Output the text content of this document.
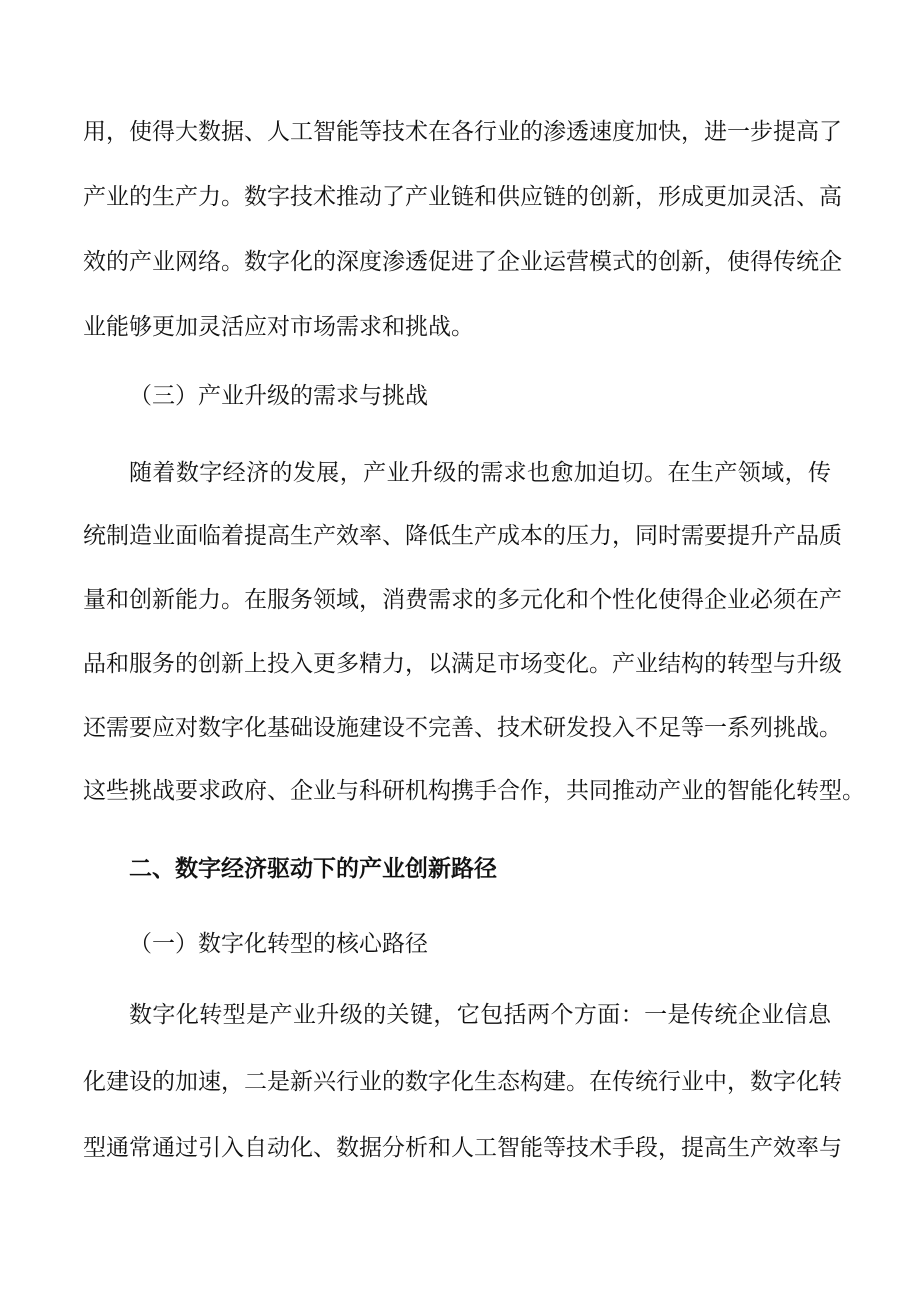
用，使得大数据、人工智能等技术在各行业的渗透速度加快，进一步提高了

产业的生产力。数字技术推动了产业链和供应链的创新，形成更加灵活、高

效的产业网络。数字化的深度渗透促进了企业运营模式的创新，使得传统企

业能够更加灵活应对市场需求和挑战。

（三）产业升级的需求与挑战

随着数字经济的发展，产业升级的需求也愈加迫切。在生产领域，传

统制造业面临着提高生产效率、降低生产成本的压力，同时需要提升产品质

量和创新能力。在服务领域，消费需求的多元化和个性化使得企业必须在产

品和服务的创新上投入更多精力，以满足市场变化。产业结构的转型与升级

还需要应对数字化基础设施建设不完善、技术研发投入不足等一系列挑战。

这些挑战要求政府、企业与科研机构携手合作，共同推动产业的智能化转型。

二、数字经济驱动下的产业创新路径

（一）数字化转型的核心路径

数字化转型是产业升级的关键，它包括两个方面：一是传统企业信息

化建设的加速，二是新兴行业的数字化生态构建。在传统行业中，数字化转

型通常通过引入自动化、数据分析和人工智能等技术手段，提高生产效率与
